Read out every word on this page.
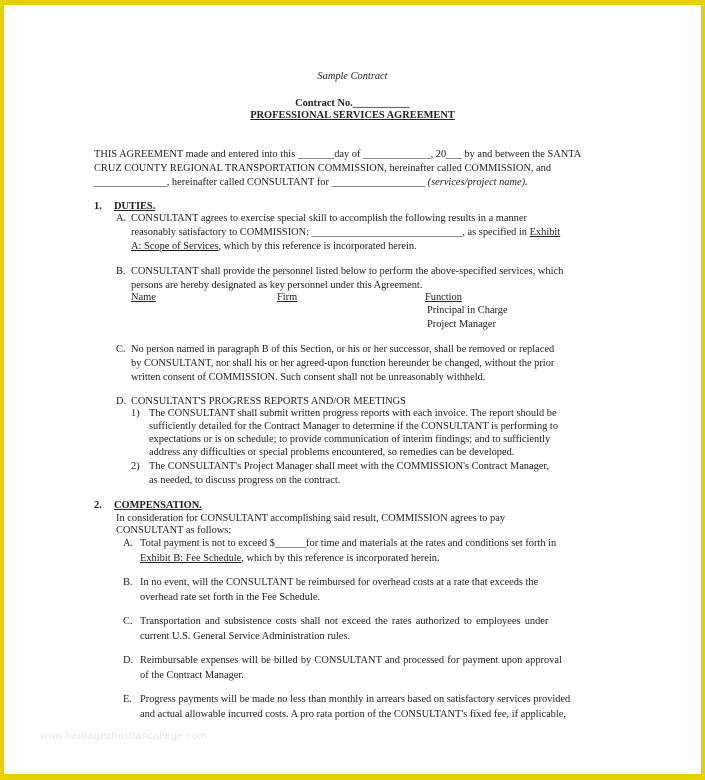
Sample Contract
Contract No.___________
PROFESSIONAL SERVICES AGREEMENT
THIS AGREEMENT made and entered into this _______day of _____________, 20___ by and between the SANTA
CRUZ COUNTY REGIONAL TRANSPORTATION COMMISSION, hereinafter called COMMISSION, and
______________, hereinafter called CONSULTANT for __________________ (services/project name).
1. DUTIES.
A. CONSULTANT agrees to exercise special skill to accomplish the following results in a manner
reasonably satisfactory to COMMISSION: _____________________________, as specified in Exhibit
A: Scope of Services, which by this reference is incorporated herein.
B. CONSULTANT shall provide the personnel listed below to perform the above-specified services, which
persons are hereby designated as key personnel under this Agreement.
Name	Firm	Function
Principal in Charge
Project Manager
C. No person named in paragraph B of this Section, or his or her successor, shall be removed or replaced
by CONSULTANT, nor shall his or her agreed-upon function hereunder be changed, without the prior
written consent of COMMISSION. Such consent shall not be unreasonably withheld.
D. CONSULTANT'S PROGRESS REPORTS AND/OR MEETINGS
1) The CONSULTANT shall submit written progress reports with each invoice. The report should be
sufficiently detailed for the Contract Manager to determine if the CONSULTANT is performing to
expectations or is on schedule; to provide communication of interim findings; and to sufficiently
address any difficulties or special problems encountered, so remedies can be developed.
2) The CONSULTANT's Project Manager shall meet with the COMMISSION's Contract Manager,
as needed, to discuss progress on the contract.
2. COMPENSATION.
In consideration for CONSULTANT accomplishing said result, COMMISSION agrees to pay
CONSULTANT as follows:
A. Total payment is not to exceed $______for time and materials at the rates and conditions set forth in
Exhibit B: Fee Schedule, which by this reference is incorporated herein.
B. In no event, will the CONSULTANT be reimbursed for overhead costs at a rate that exceeds the
overhead rate set forth in the Fee Schedule.
C. Transportation and subsistence costs shall not exceed the rates authorized to employees under
current U.S. General Service Administration rules.
D. Reimbursable expenses will be billed by CONSULTANT and processed for payment upon approval
of the Contract Manager.
E. Progress payments will be made no less than monthly in arrears based on satisfactory services provided
and actual allowable incurred costs. A pro rata portion of the CONSULTANT's fixed fee, if applicable,
www.heritagechristiancollege.com
